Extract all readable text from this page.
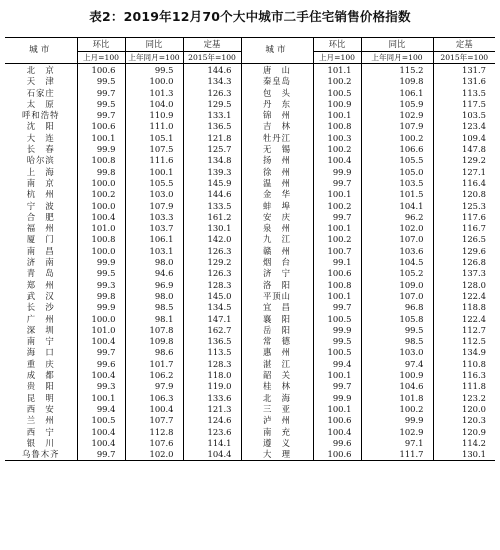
表2：2019年12月70个大中城市二手住宅销售价格指数
城市	环比	同比	定基	城市	环比	同比	定基
	上月=100	上年同月=100	2015年=100		上月=100	上年同月=100	2015年=100
北　京	100.6	99.5	144.6	唐　山	101.1	115.2	131.7
天　津	99.5	100.0	134.3	秦皇岛	100.2	109.8	131.6
石家庄	99.7	101.3	126.3	包　头	100.5	106.1	113.5
太　原	99.5	104.0	129.5	丹　东	100.9	105.9	117.5
呼和浩特	99.7	110.9	133.1	锦　州	100.1	102.9	103.5
沈　阳	100.6	111.0	136.5	吉　林	100.8	107.9	123.4
大　连	100.1	105.1	121.8	牡丹江	100.3	100.2	109.4
长　春	99.9	107.5	125.7	无　锡	100.2	106.6	147.8
哈尔滨	100.8	111.6	134.8	扬　州	100.4	105.5	129.2
上　海	99.8	100.1	139.3	徐　州	99.9	105.0	127.1
南　京	100.0	105.5	145.9	温　州	99.7	103.5	116.4
杭　州	100.2	103.0	144.6	金　华	100.1	101.5	120.8
宁　波	100.0	107.9	133.5	蚌　埠	100.2	104.1	125.3
合　肥	100.4	103.3	161.2	安　庆	99.7	96.2	117.6
福　州	101.0	103.7	130.1	泉　州	100.1	102.0	116.7
厦　门	100.8	106.1	142.0	九　江	100.2	107.0	126.5
南　昌	100.0	103.1	126.3	赣　州	100.7	103.6	129.6
济　南	99.9	98.0	129.2	烟　台	99.1	104.5	126.8
青　岛	99.5	94.6	126.3	济　宁	100.6	105.2	137.3
郑　州	99.3	96.9	128.3	洛　阳	100.8	109.0	128.0
武　汉	99.8	98.0	145.0	平顶山	100.1	107.0	122.4
长　沙	99.9	98.5	134.5	宜　昌	99.7	96.8	118.8
广　州	100.0	98.1	147.1	襄　阳	100.5	105.8	122.4
深　圳	101.0	107.8	162.7	岳　阳	99.9	99.5	112.7
南　宁	100.4	109.8	136.5	常　德	99.5	98.5	112.5
海　口	99.7	98.6	113.5	惠　州	100.5	103.0	134.9
重　庆	99.6	101.7	128.3	湛　江	99.4	97.4	110.8
成　都	100.4	106.2	118.0	韶　关	100.1	100.9	116.3
贵　阳	99.3	97.9	119.0	桂　林	99.7	104.6	111.8
昆　明	100.1	106.3	133.6	北　海	99.9	101.8	123.2
西　安	99.4	100.4	121.3	三　亚	100.1	100.2	120.0
兰　州	100.5	107.7	124.6	泸　州	100.6	99.9	120.3
西　宁	100.4	112.8	123.6	南　充	100.4	102.9	120.9
银　川	100.4	107.6	114.1	遵　义	99.6	97.1	114.2
乌鲁木齐	99.7	102.0	104.4	大　理	100.6	111.7	130.1
